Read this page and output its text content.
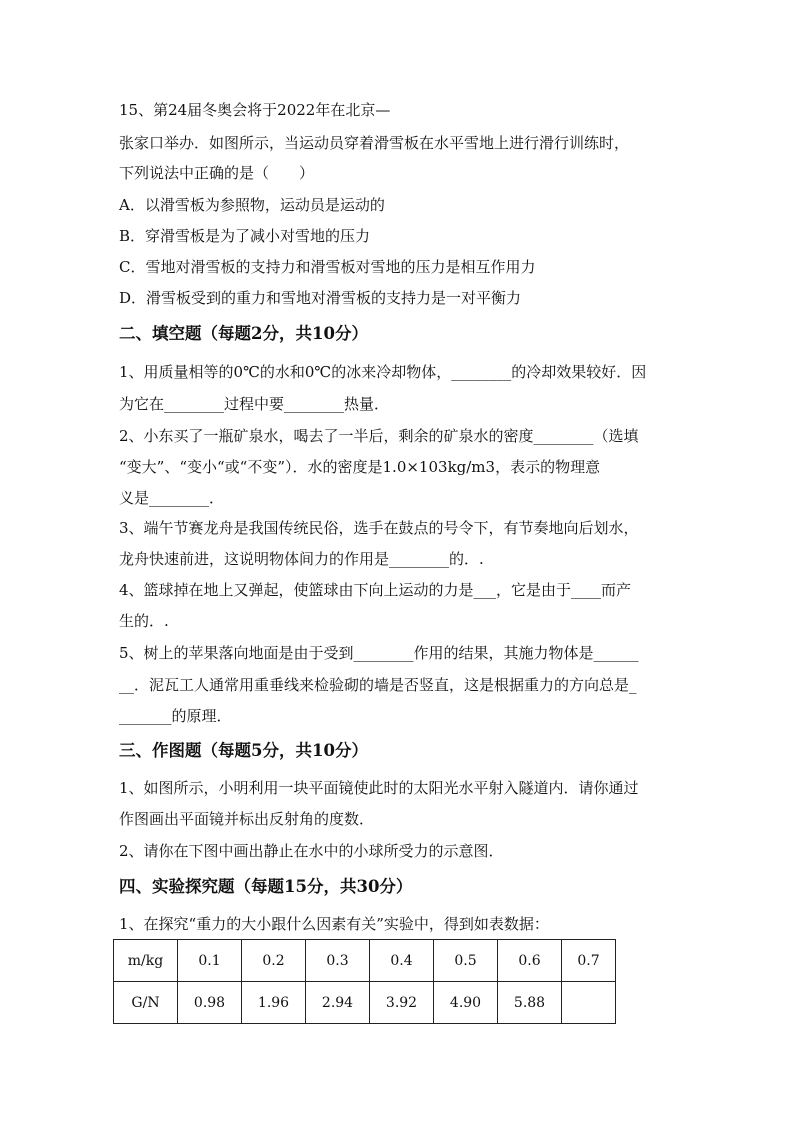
15、第24届冬奥会将于2022年在北京—
张家口举办．如图所示，当运动员穿着滑雪板在水平雪地上进行滑行训练时，
下列说法中正确的是（　　）
A．以滑雪板为参照物，运动员是运动的
B．穿滑雪板是为了减小对雪地的压力
C．雪地对滑雪板的支持力和滑雪板对雪地的压力是相互作用力
D．滑雪板受到的重力和雪地对滑雪板的支持力是一对平衡力
二、填空题（每题2分，共10分）
1、用质量相等的0℃的水和0℃的冰来冷却物体，________的冷却效果较好．因
为它在________过程中要________热量．
2、小东买了一瓶矿泉水，喝去了一半后，剩余的矿泉水的密度________（选填
“变大”、“变小“或“不变”）．水的密度是1.0×103kg/m3，表示的物理意
义是________．
3、端午节赛龙舟是我国传统民俗，选手在鼓点的号令下，有节奏地向后划水，
龙舟快速前进，这说明物体间力的作用是________的．.
4、篮球掉在地上又弹起，使篮球由下向上运动的力是___，它是由于____而产
生的．.
5、树上的苹果落向地面是由于受到________作用的结果，其施力物体是______
__．泥瓦工人通常用重垂线来检验砌的墙是否竖直，这是根据重力的方向总是_
_______的原理．
三、作图题（每题5分，共10分）
1、如图所示，小明利用一块平面镜使此时的太阳光水平射入隧道内．请你通过
作图画出平面镜并标出反射角的度数．
2、请你在下图中画出静止在水中的小球所受力的示意图．
四、实验探究题（每题15分，共30分）
1、在探究“重力的大小跟什么因素有关”实验中，得到如表数据：
m/kg	0.1	0.2	0.3	0.4	0.5	0.6	0.7
G/N	0.98	1.96	2.94	3.92	4.90	5.88	
